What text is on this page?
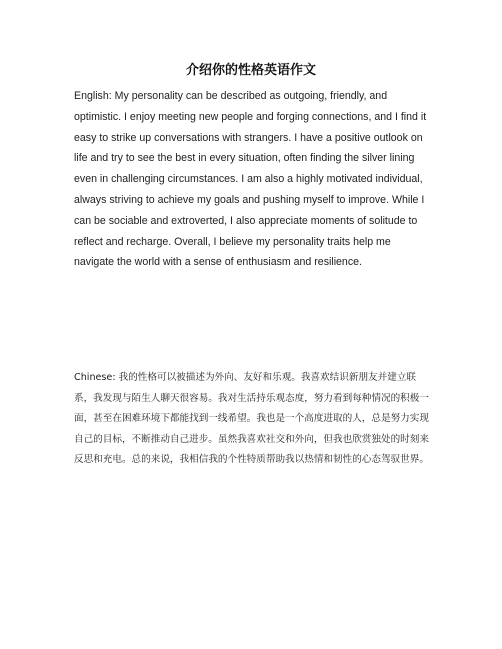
介绍你的性格英语作文

English: My personality can be described as outgoing, friendly, and optimistic. I enjoy meeting new people and forging connections, and I find it easy to strike up conversations with strangers. I have a positive outlook on life and try to see the best in every situation, often finding the silver lining even in challenging circumstances. I am also a highly motivated individual, always striving to achieve my goals and pushing myself to improve. While I can be sociable and extroverted, I also appreciate moments of solitude to reflect and recharge. Overall, I believe my personality traits help me navigate the world with a sense of enthusiasm and resilience.

Chinese: 我的性格可以被描述为外向、友好和乐观。我喜欢结识新朋友并建立联系，我发现与陌生人聊天很容易。我对生活持乐观态度，努力看到每种情况的积极一面，甚至在困难环境下都能找到一线希望。我也是一个高度进取的人，总是努力实现自己的目标，不断推动自己进步。虽然我喜欢社交和外向，但我也欣赏独处的时刻来反思和充电。总的来说，我相信我的个性特质帮助我以热情和韧性的心态驾驭世界。
